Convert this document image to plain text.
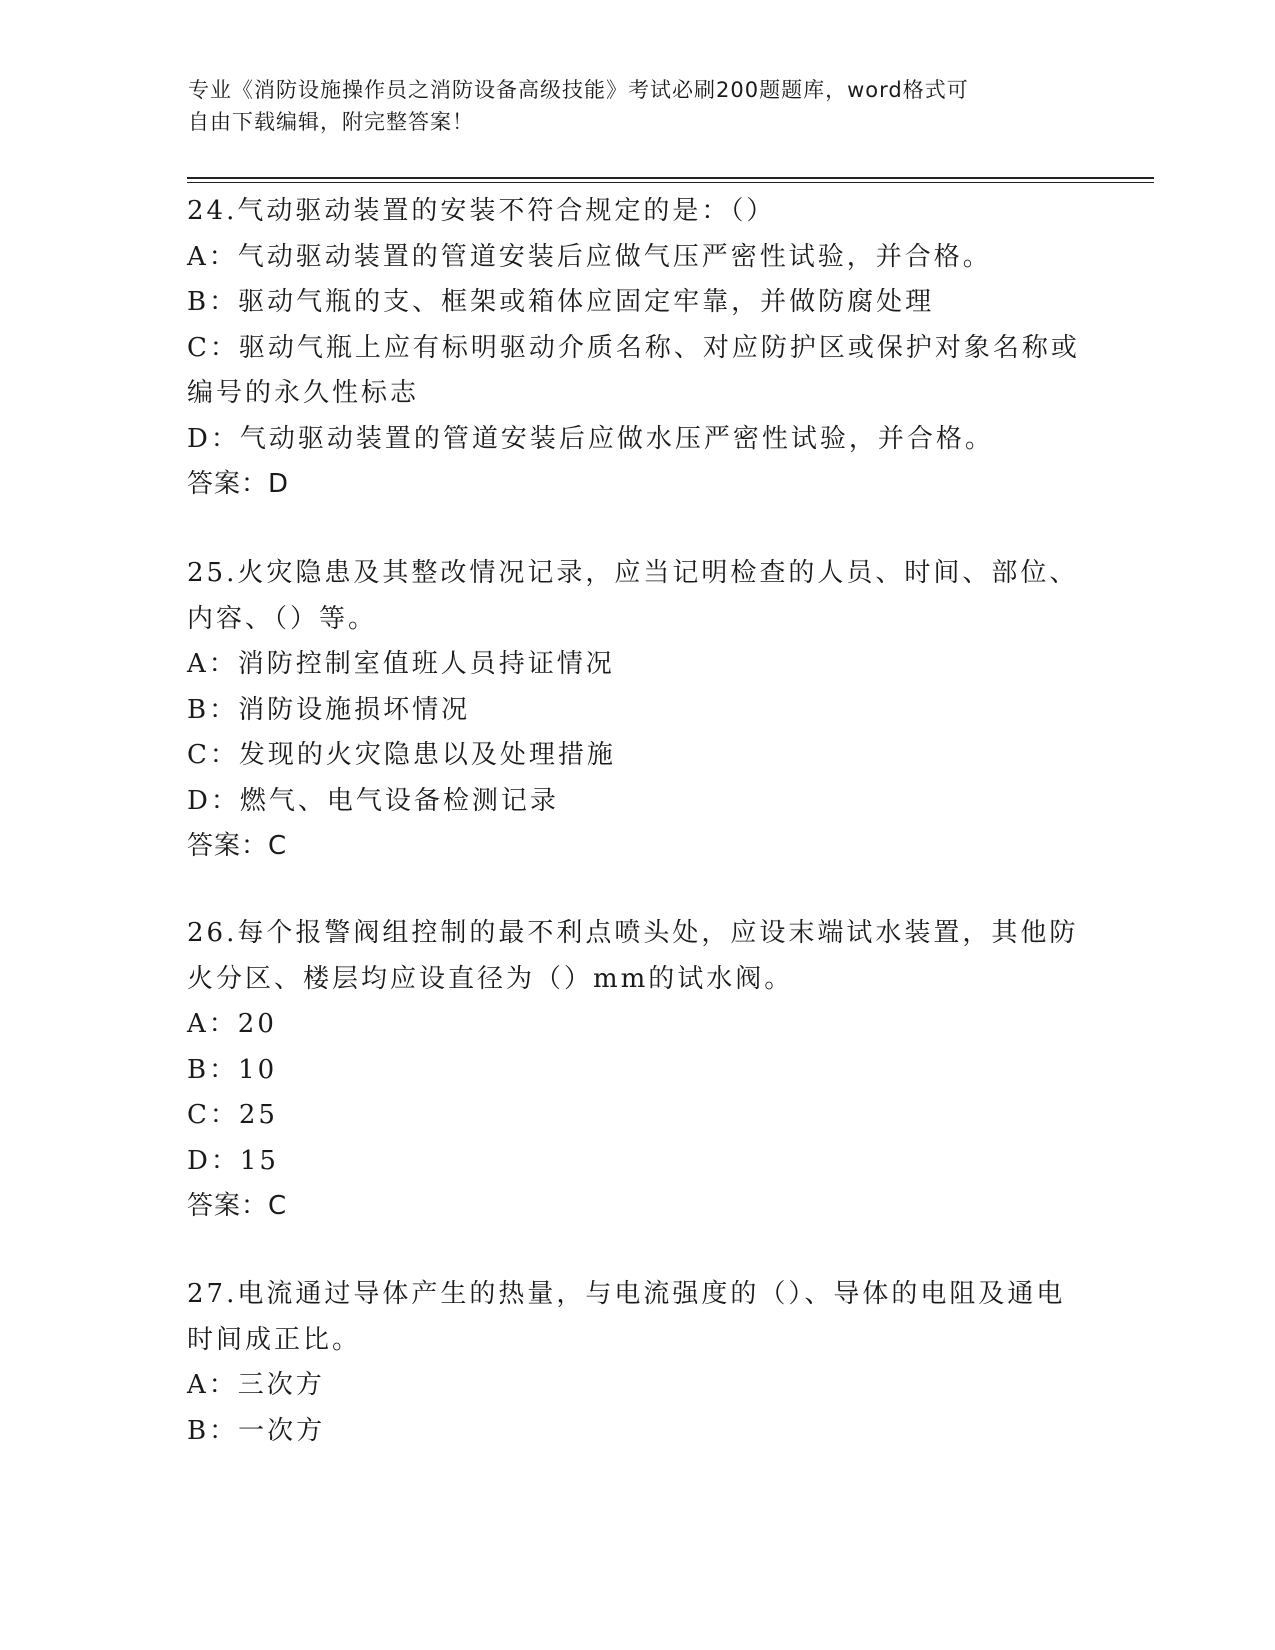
专业《消防设施操作员之消防设备高级技能》考试必刷200题题库，word格式可
自由下载编辑，附完整答案！

24.气动驱动装置的安装不符合规定的是：（）

A：气动驱动装置的管道安装后应做气压严密性试验，并合格。

B：驱动气瓶的支、框架或箱体应固定牢靠，并做防腐处理

C：驱动气瓶上应有标明驱动介质名称、对应防护区或保护对象名称或

编号的永久性标志

D：气动驱动装置的管道安装后应做水压严密性试验，并合格。

答案：D

25.火灾隐患及其整改情况记录，应当记明检查的人员、时间、部位、

内容、（）等。

A：消防控制室值班人员持证情况

B：消防设施损坏情况

C：发现的火灾隐患以及处理措施

D：燃气、电气设备检测记录

答案：C

26.每个报警阀组控制的最不利点喷头处，应设末端试水装置，其他防

火分区、楼层均应设直径为（）mm的试水阀。

A：20

B：10

C：25

D：15

答案：C

27.电流通过导体产生的热量，与电流强度的（）、导体的电阻及通电

时间成正比。

A：三次方

B：一次方
